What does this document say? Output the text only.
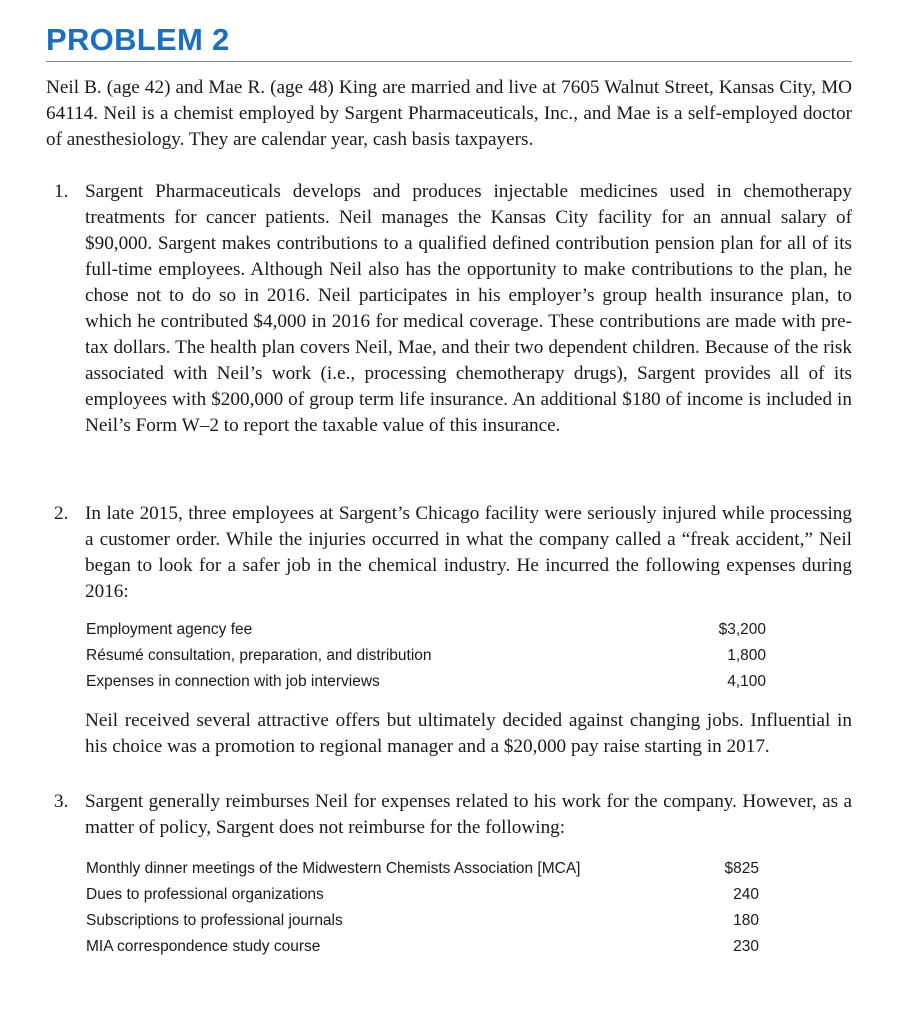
PROBLEM 2

Neil B. (age 42) and Mae R. (age 48) King are married and live at 7605 Walnut Street, Kansas City, MO 64114. Neil is a chemist employed by Sargent Pharmaceuticals, Inc., and Mae is a self-employed doctor of anesthesiology. They are calendar year, cash basis taxpayers.

1. Sargent Pharmaceuticals develops and produces injectable medicines used in chemotherapy treatments for cancer patients. Neil manages the Kansas City facility for an annual salary of $90,000. Sargent makes contributions to a qualified defined contribution pension plan for all of its full-time employees. Although Neil also has the opportunity to make contributions to the plan, he chose not to do so in 2016. Neil participates in his employer’s group health insurance plan, to which he contributed $4,000 in 2016 for medical coverage. These contributions are made with pre-tax dollars. The health plan covers Neil, Mae, and their two dependent children. Because of the risk associated with Neil’s work (i.e., processing chemotherapy drugs), Sargent provides all of its employees with $200,000 of group term life insurance. An additional $180 of income is included in Neil’s Form W–2 to report the taxable value of this insurance.

2. In late 2015, three employees at Sargent’s Chicago facility were seriously injured while processing a customer order. While the injuries occurred in what the company called a “freak accident,” Neil began to look for a safer job in the chemical industry. He incurred the following expenses during 2016:

Employment agency fee	$3,200
Résumé consultation, preparation, and distribution	1,800
Expenses in connection with job interviews	4,100

Neil received several attractive offers but ultimately decided against changing jobs. Influential in his choice was a promotion to regional manager and a $20,000 pay raise starting in 2017.

3. Sargent generally reimburses Neil for expenses related to his work for the company. However, as a matter of policy, Sargent does not reimburse for the following:

Monthly dinner meetings of the Midwestern Chemists Association [MCA]	$825
Dues to professional organizations	240
Subscriptions to professional journals	180
MIA correspondence study course	230
